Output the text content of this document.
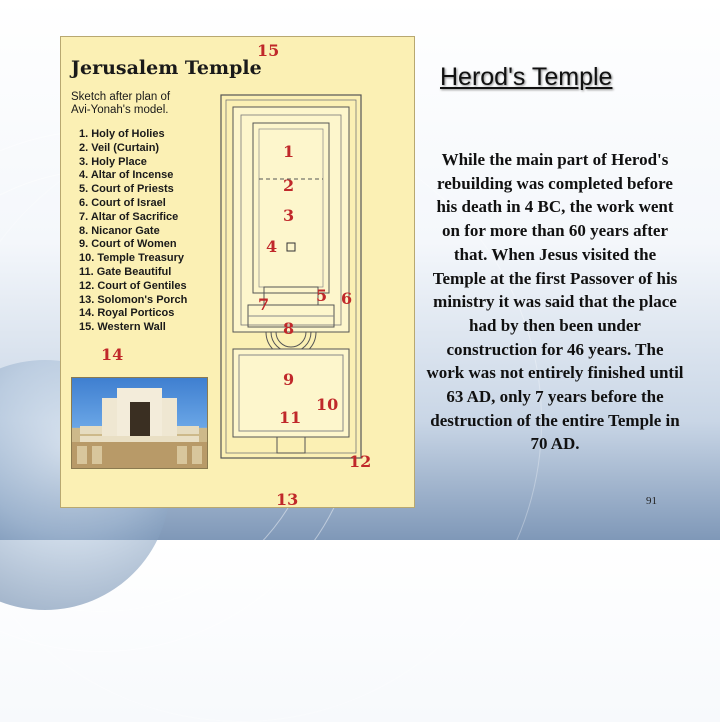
15
1
2
3
4
5 6
7
8
9
10
11
12
13
14
Jerusalem Temple
Sketch after plan of Avi-Yonah's model.
1. Holy of Holies
2. Veil (Curtain)
3. Holy Place
4. Altar of Incense
5. Court of Priests
6. Court of Israel
7. Altar of Sacrifice
8. Nicanor Gate
9. Court of Women
10. Temple Treasury
11. Gate Beautiful
12. Court of Gentiles
13. Solomon's Porch
14. Royal Porticos
15. Western Wall
Herod's Temple
While the main part of Herod's rebuilding was completed before his death in 4 BC, the work went on for more than 60 years after that. When Jesus visited the Temple at the first Passover of his ministry it was said that the place had by then been under construction for 46 years. The work was not entirely finished until 63 AD, only 7 years before the destruction of the entire Temple in 70 AD.
91
